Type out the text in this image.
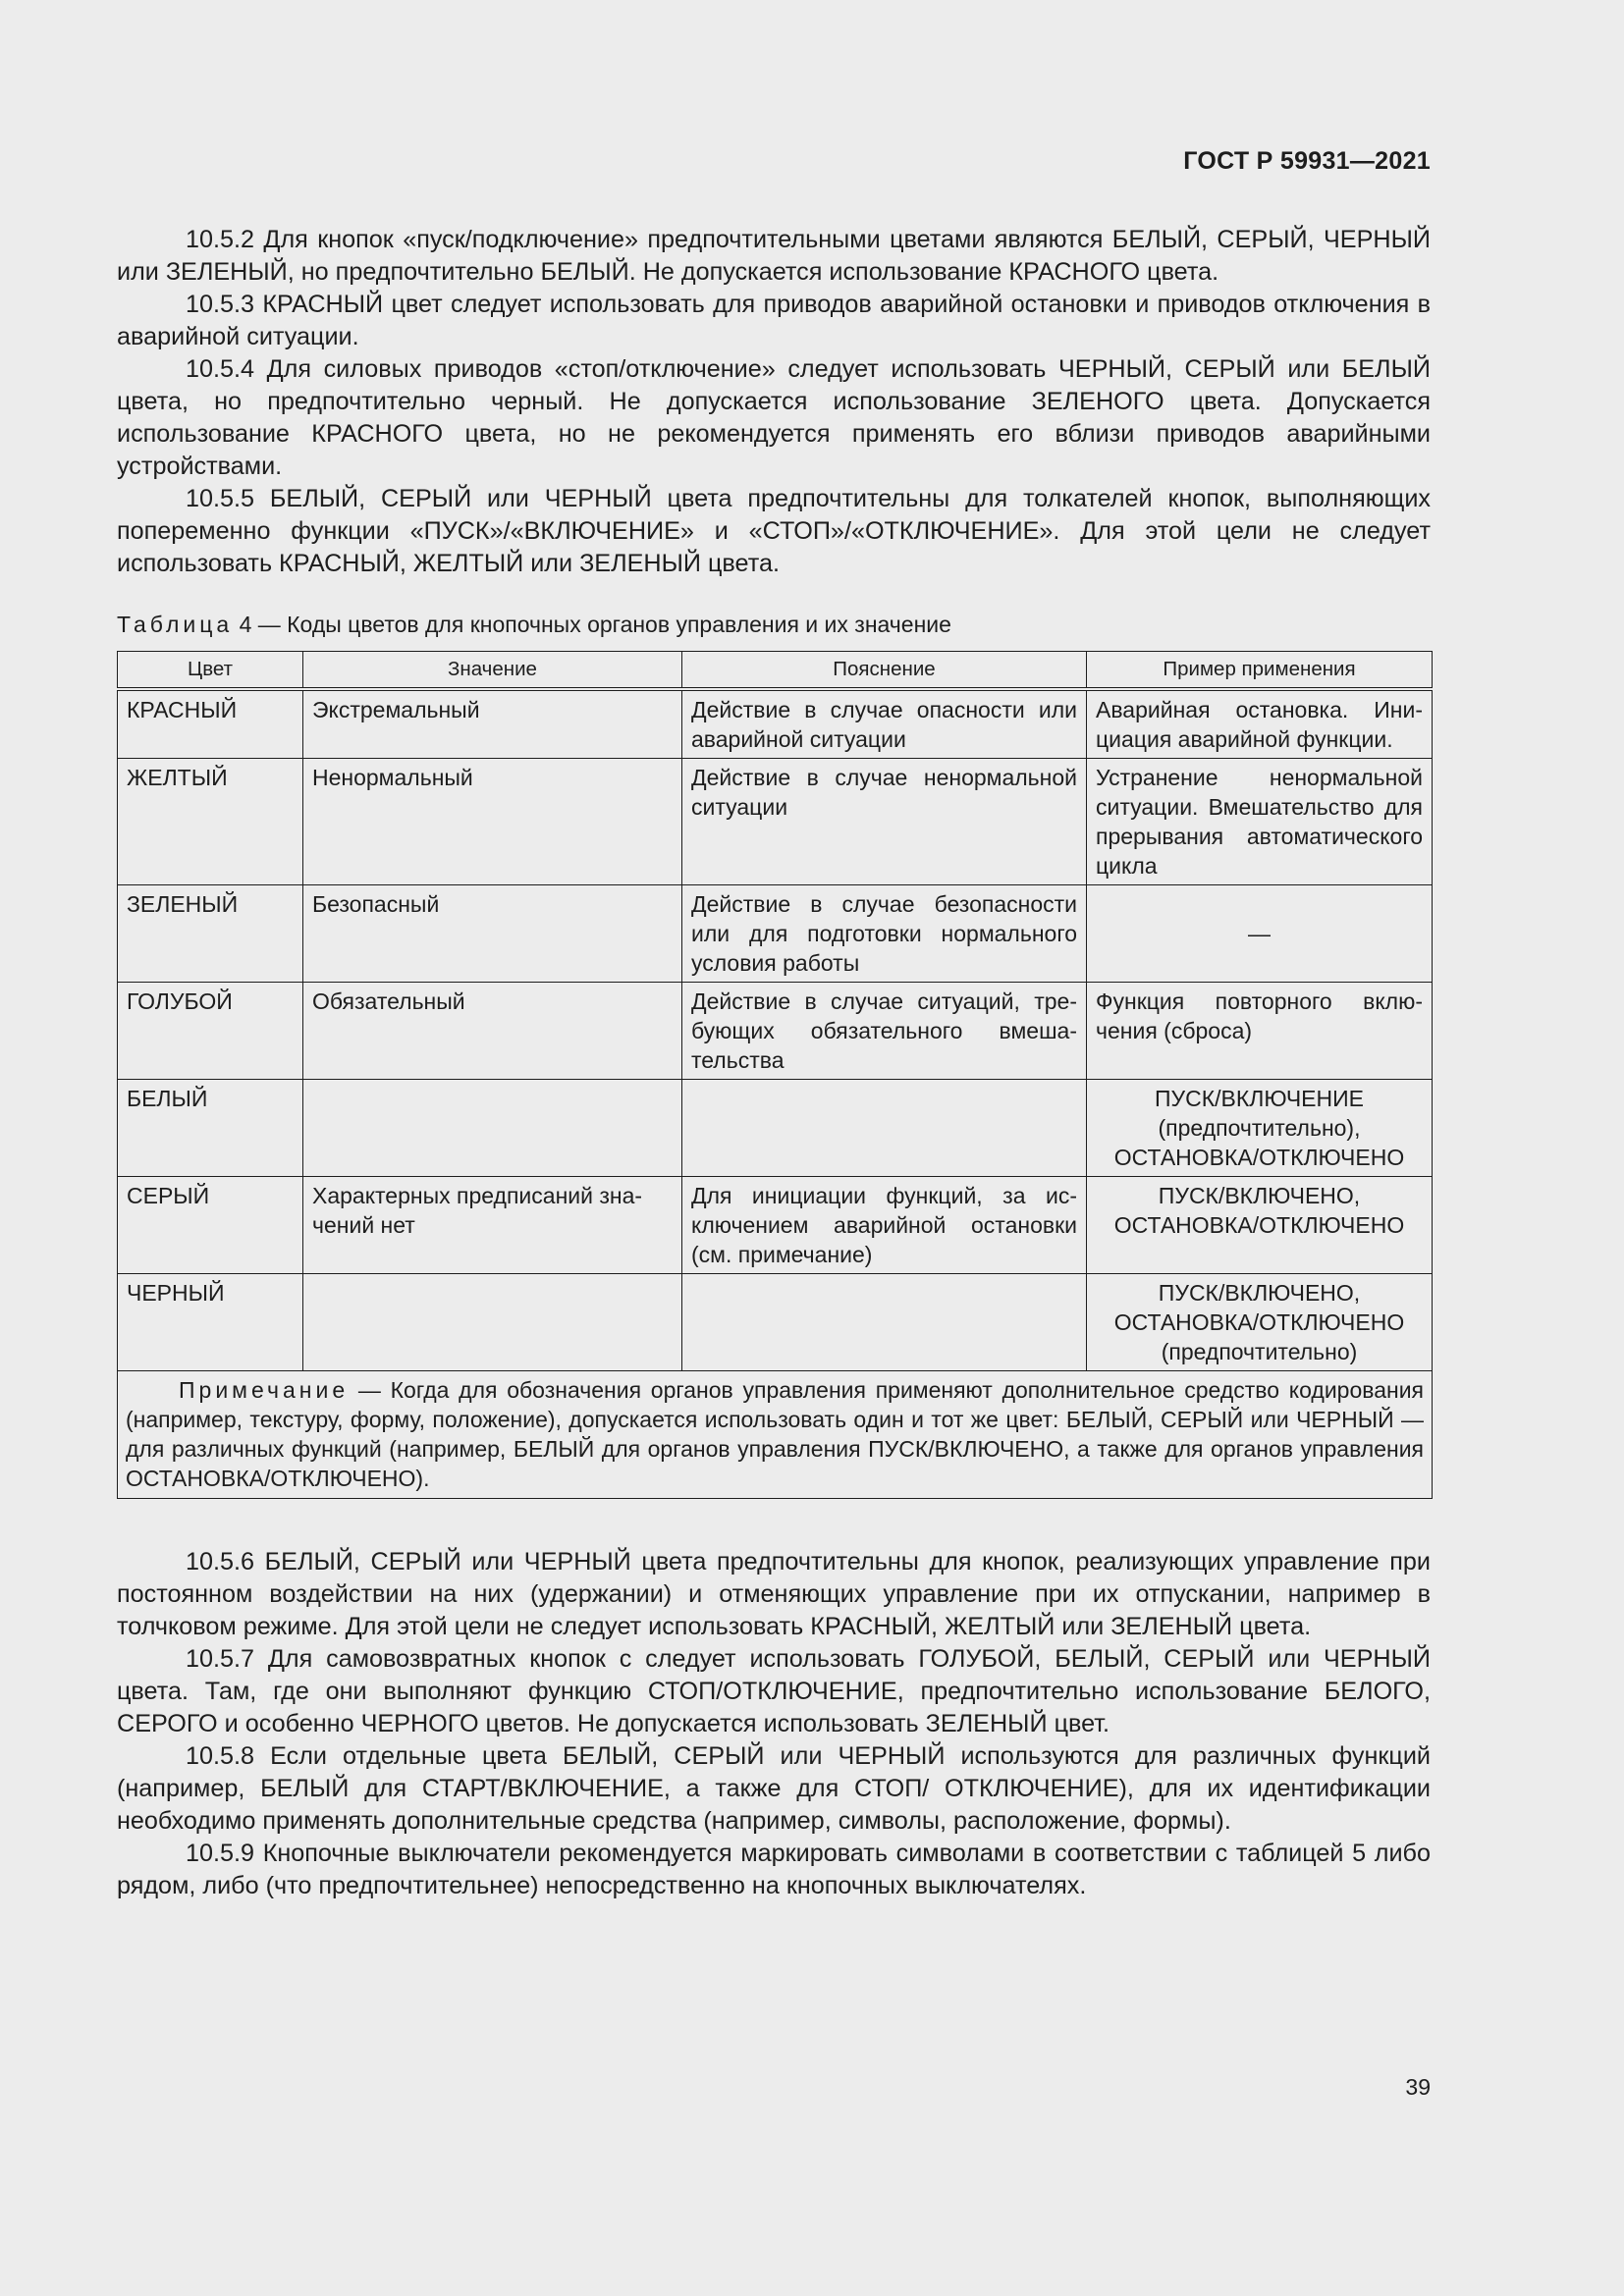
ГОСТ Р 59931—2021

10.5.2 Для кнопок «пуск/подключение» предпочтительными цветами являются БЕЛЫЙ, СЕРЫЙ, ЧЕРНЫЙ или ЗЕЛЕНЫЙ, но предпочтительно БЕЛЫЙ. Не допускается использование КРАСНОГО цвета.

10.5.3 КРАСНЫЙ цвет следует использовать для приводов аварийной остановки и приводов отключения в аварийной ситуации.

10.5.4 Для силовых приводов «стоп/отключение» следует использовать ЧЕРНЫЙ, СЕРЫЙ или БЕЛЫЙ цвета, но предпочтительно черный. Не допускается использование ЗЕЛЕНОГО цвета. Допускается использование КРАСНОГО цвета, но не рекомендуется применять его вблизи приводов аварийными устройствами.

10.5.5 БЕЛЫЙ, СЕРЫЙ или ЧЕРНЫЙ цвета предпочтительны для толкателей кнопок, выполняющих попеременно функции «ПУСК»/«ВКЛЮЧЕНИЕ» и «СТОП»/«ОТКЛЮЧЕНИЕ». Для этой цели не следует использовать КРАСНЫЙ, ЖЕЛТЫЙ или ЗЕЛЕНЫЙ цвета.

Таблица 4 — Коды цветов для кнопочных органов управления и их значение
Цвет	Значение	Пояснение	Пример применения
КРАСНЫЙ	Экстремальный	Действие в случае опасности или аварийной ситуации	Аварийная остановка. Инициация аварийной функции.
ЖЕЛТЫЙ	Ненормальный	Действие в случае ненормальной ситуации	Устранение ненормальной ситуации. Вмешательство для прерывания автоматического цикла
ЗЕЛЕНЫЙ	Безопасный	Действие в случае безопасности или для подготовки нормального условия работы	—
ГОЛУБОЙ	Обязательный	Действие в случае ситуаций, требующих обязательного вмешательства	Функция повторного включения (сброса)
БЕЛЫЙ			ПУСК/ВКЛЮЧЕНИЕ (предпочтительно), ОСТАНОВКА/ОТКЛЮЧЕНО
СЕРЫЙ	Характерных предписаний значений нет	Для инициации функций, за исключением аварийной остановки (см. примечание)	ПУСК/ВКЛЮЧЕНО, ОСТАНОВКА/ОТКЛЮЧЕНО
ЧЕРНЫЙ			ПУСК/ВКЛЮЧЕНО, ОСТАНОВКА/ОТКЛЮЧЕНО (предпочтительно)
Примечание — Когда для обозначения органов управления применяют дополнительное средство кодирования (например, текстуру, форму, положение), допускается использовать один и тот же цвет: БЕЛЫЙ, СЕРЫЙ или ЧЕРНЫЙ — для различных функций (например, БЕЛЫЙ для органов управления ПУСК/ВКЛЮЧЕНО, а также для органов управления ОСТАНОВКА/ОТКЛЮЧЕНО).			

10.5.6 БЕЛЫЙ, СЕРЫЙ или ЧЕРНЫЙ цвета предпочтительны для кнопок, реализующих управление при постоянном воздействии на них (удержании) и отменяющих управление при их отпускании, например в толчковом режиме. Для этой цели не следует использовать КРАСНЫЙ, ЖЕЛТЫЙ или ЗЕЛЕНЫЙ цвета.

10.5.7 Для самовозвратных кнопок с следует использовать ГОЛУБОЙ, БЕЛЫЙ, СЕРЫЙ или ЧЕРНЫЙ цвета. Там, где они выполняют функцию СТОП/ОТКЛЮЧЕНИЕ, предпочтительно использование БЕЛОГО, СЕРОГО и особенно ЧЕРНОГО цветов. Не допускается использовать ЗЕЛЕНЫЙ цвет.

10.5.8 Если отдельные цвета БЕЛЫЙ, СЕРЫЙ или ЧЕРНЫЙ используются для различных функций (например, БЕЛЫЙ для СТАРТ/ВКЛЮЧЕНИЕ, а также для СТОП/ ОТКЛЮЧЕНИЕ), для их идентификации необходимо применять дополнительные средства (например, символы, расположение, формы).

10.5.9 Кнопочные выключатели рекомендуется маркировать символами в соответствии с таблицей 5 либо рядом, либо (что предпочтительнее) непосредственно на кнопочных выключателях.

39
